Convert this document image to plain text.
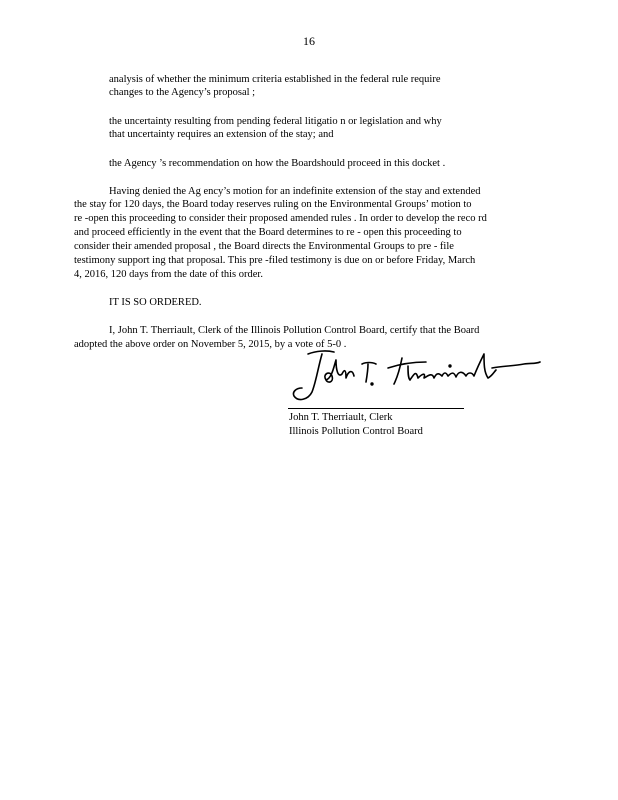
16
analysis of whether the minimum criteria established in the federal rule require
changes to the Agency’s proposal ;
the uncertainty resulting from pending federal litigatio n or legislation and why
that uncertainty requires an extension of the stay; and
the Agency ’s recommendation on how the Boardshould proceed in this docket .
Having denied the Ag ency’s motion for an indefinite extension of the stay and extended
the stay for 120 days, the Board today reserves ruling on the Environmental Groups’ motion to
re -open this proceeding to consider their proposed amended rules . In order to develop the reco rd
and proceed efficiently in the event that the Board determines to re - open this proceeding to
consider their amended proposal , the Board directs the Environmental Groups to pre - file
testimony support ing that proposal. This pre -filed testimony is due on or before Friday, March
4, 2016, 120 days from the date of this order.
IT IS SO ORDERED.
I, John T. Therriault, Clerk of the Illinois Pollution Control Board, certify that the Board
adopted the above order on November 5, 2015, by a vote of 5-0 .
John T. Therriault, Clerk
Illinois Pollution Control Board
